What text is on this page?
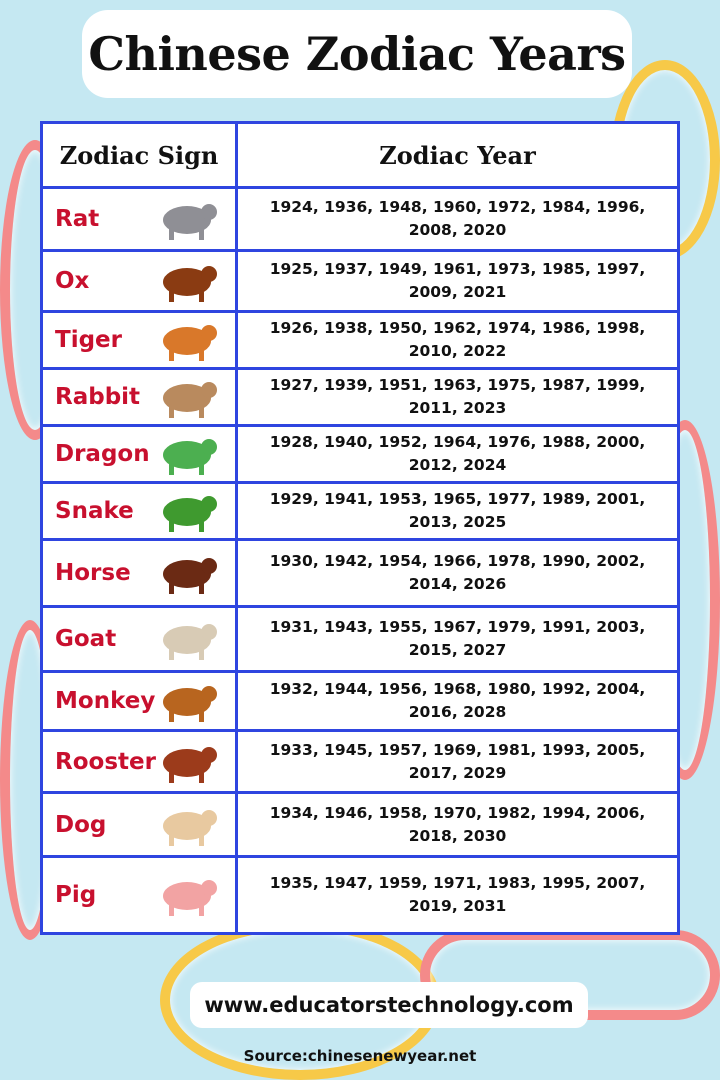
Chinese Zodiac Years
Zodiac Sign	Zodiac Year

Rat	1924, 1936, 1948, 1960, 1972, 1984, 1996, 2008, 2020

Ox	1925, 1937, 1949, 1961, 1973, 1985, 1997, 2009, 2021

Tiger	1926, 1938, 1950, 1962, 1974, 1986, 1998, 2010, 2022

Rabbit	1927, 1939, 1951, 1963, 1975, 1987, 1999, 2011, 2023

Dragon	1928, 1940, 1952, 1964, 1976, 1988, 2000, 2012, 2024

Snake	1929, 1941, 1953, 1965, 1977, 1989, 2001, 2013, 2025

Horse	1930, 1942, 1954, 1966, 1978, 1990, 2002, 2014, 2026

Goat	1931, 1943, 1955, 1967, 1979, 1991, 2003, 2015, 2027

Monkey	1932, 1944, 1956, 1968, 1980, 1992, 2004, 2016, 2028

Rooster	1933, 1945, 1957, 1969, 1981, 1993, 2005, 2017, 2029

Dog	1934, 1946, 1958, 1970, 1982, 1994, 2006, 2018, 2030

Pig	1935, 1947, 1959, 1971, 1983, 1995, 2007, 2019, 2031
www.educatorstechnology.com
Source:chinesenewyear.net
